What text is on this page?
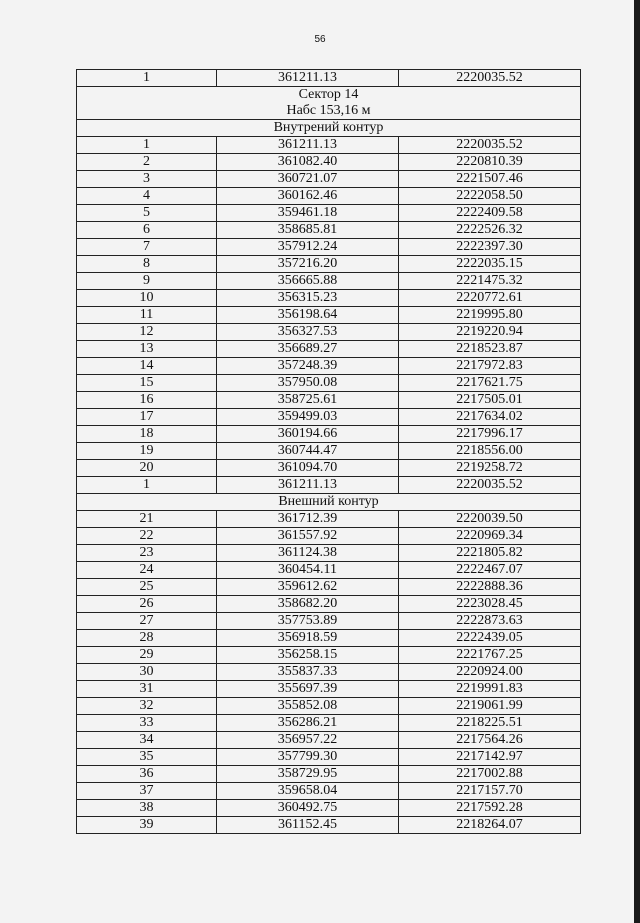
56
1	361211.13	2220035.52

Сектор 14
Набс 153,16 м		

Внутрений контур		
1	361211.13	2220035.52
2	361082.40	2220810.39
3	360721.07	2221507.46
4	360162.46	2222058.50
5	359461.18	2222409.58
6	358685.81	2222526.32
7	357912.24	2222397.30
8	357216.20	2222035.15
9	356665.88	2221475.32
10	356315.23	2220772.61
11	356198.64	2219995.80
12	356327.53	2219220.94
13	356689.27	2218523.87
14	357248.39	2217972.83
15	357950.08	2217621.75
16	358725.61	2217505.01
17	359499.03	2217634.02
18	360194.66	2217996.17
19	360744.47	2218556.00
20	361094.70	2219258.72
1	361211.13	2220035.52
Внешний контур		
21	361712.39	2220039.50
22	361557.92	2220969.34
23	361124.38	2221805.82
24	360454.11	2222467.07
25	359612.62	2222888.36
26	358682.20	2223028.45
27	357753.89	2222873.63
28	356918.59	2222439.05
29	356258.15	2221767.25
30	355837.33	2220924.00
31	355697.39	2219991.83
32	355852.08	2219061.99
33	356286.21	2218225.51
34	356957.22	2217564.26
35	357799.30	2217142.97
36	358729.95	2217002.88
37	359658.04	2217157.70
38	360492.75	2217592.28
39	361152.45	2218264.07
